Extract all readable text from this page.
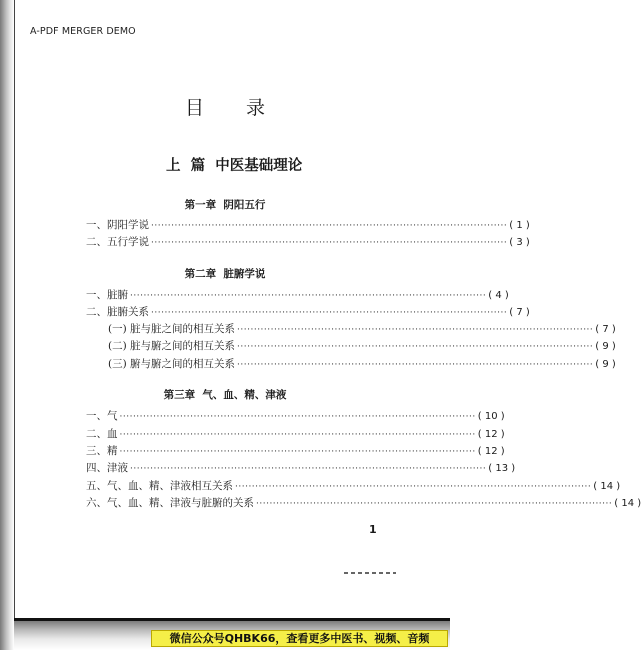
A-PDF MERGER DEMO
目录
上  篇  中医基础理论
第一章  阴阳五行
一、阴阳学说 ·········································································································· ( 1 )
二、五行学说 ·········································································································· ( 3 )
第二章  脏腑学说
一、脏腑 ·········································································································· ( 4 )
二、脏腑关系 ·········································································································· ( 7 )
(一) 脏与脏之间的相互关系 ·········································································································· ( 7 )
(二) 脏与腑之间的相互关系 ·········································································································· ( 9 )
(三) 腑与腑之间的相互关系 ·········································································································· ( 9 )
第三章  气、血、精、津液
一、气 ·········································································································· ( 10 )
二、血 ·········································································································· ( 12 )
三、精 ·········································································································· ( 12 )
四、津液 ·········································································································· ( 13 )
五、气、血、精、津液相互关系 ·········································································································· ( 14 )
六、气、血、精、津液与脏腑的关系 ·········································································································· ( 14 )
1
微信公众号QHBK66，查看更多中医书、视频、音频
